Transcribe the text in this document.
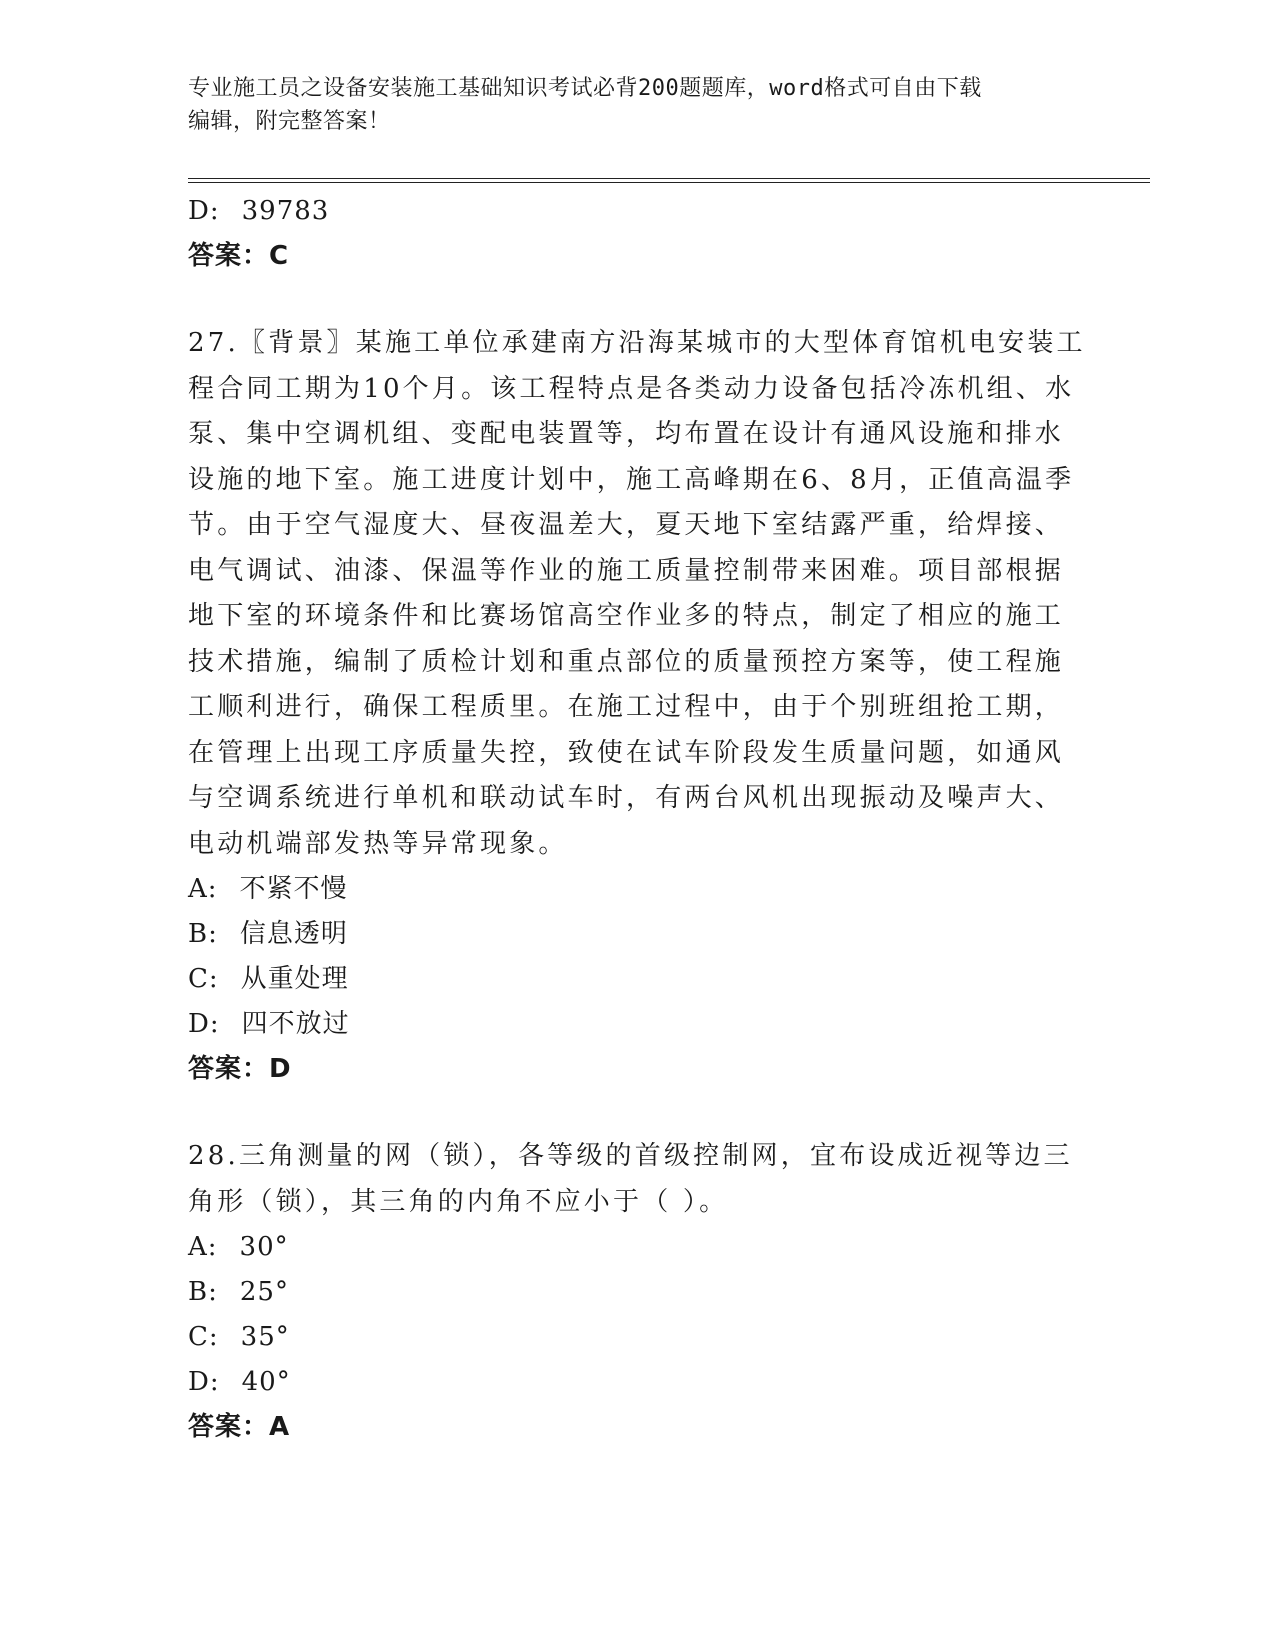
专业施工员之设备安装施工基础知识考试必背200题题库，word格式可自由下载
编辑，附完整答案！
D: 39783
答案：C
27.〖背景〗某施工单位承建南方沿海某城市的大型体育馆机电安装工
程合同工期为10个月。该工程特点是各类动力设备包括冷冻机组、水
泵、集中空调机组、变配电装置等，均布置在设计有通风设施和排水
设施的地下室。施工进度计划中，施工高峰期在6、8月，正值高温季
节。由于空气湿度大、昼夜温差大，夏天地下室结露严重，给焊接、
电气调试、油漆、保温等作业的施工质量控制带来困难。项目部根据
地下室的环境条件和比赛场馆高空作业多的特点，制定了相应的施工
技术措施，编制了质检计划和重点部位的质量预控方案等，使工程施
工顺利进行，确保工程质里。在施工过程中，由于个别班组抢工期，
在管理上出现工序质量失控，致使在试车阶段发生质量问题，如通风
与空调系统进行单机和联动试车时，有两台风机出现振动及噪声大、
电动机端部发热等异常现象。
A: 不紧不慢
B: 信息透明
C: 从重处理
D: 四不放过
答案：D
28.三角测量的网（锁），各等级的首级控制网，宜布设成近视等边三
角形（锁），其三角的内角不应小于（ ）。
A: 30°
B: 25°
C: 35°
D: 40°
答案：A
